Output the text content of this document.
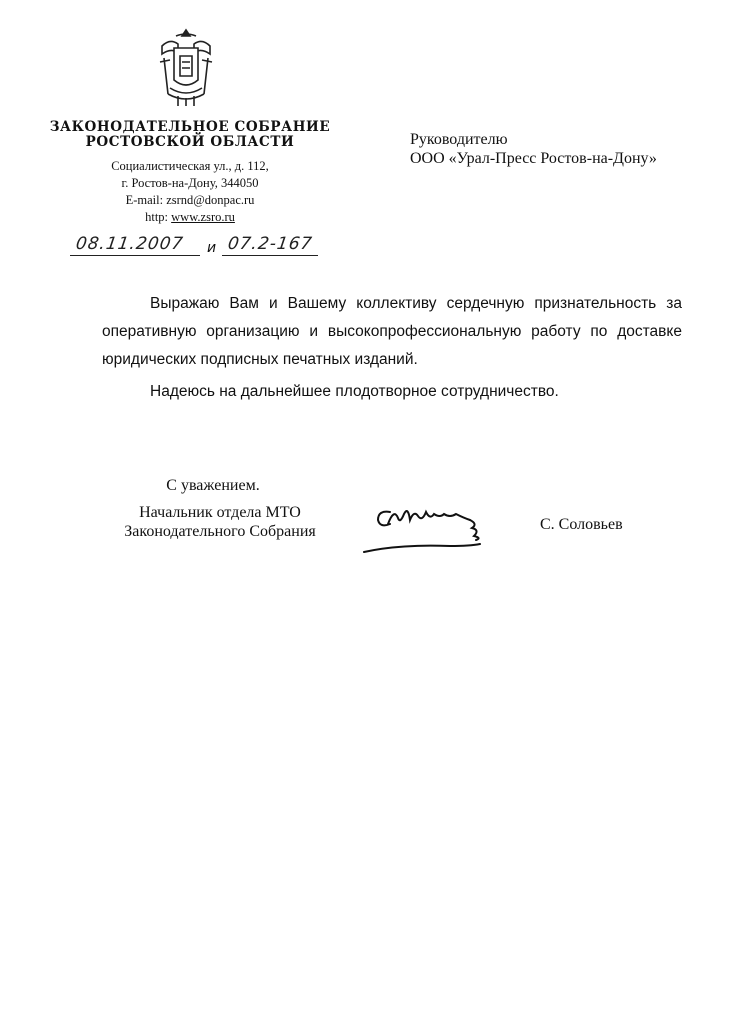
ЗАКОНОДАТЕЛЬНОЕ СОБРАНИЕ

РОСТОВСКОЙ ОБЛАСТИ

Социалистическая ул., д. 112,
г. Ростов-на-Дону, 344050
E-mail: zsrnd@donpac.ru
http: www.zsro.ru
08.11.2007 и 07.2-167
Руководителю
ООО «Урал-Пресс Ростов-на-Дону»

Выражаю Вам и Вашему коллективу сердечную признательность за оперативную организацию и высокопрофессиональную работу по доставке юридических подписных печатных изданий.

Надеюсь на дальнейшее плодотворное сотрудничество.

С уважением.
Начальник отдела МТО
Законодательного Собрания	С. Соловьев
